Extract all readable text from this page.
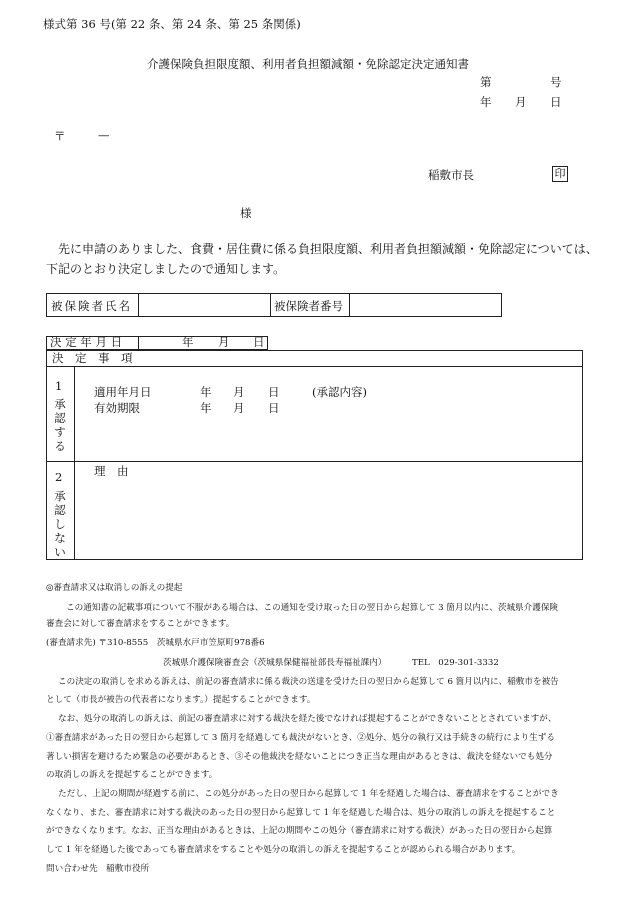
様式第 36 号(第 22 条、第 24 条、第 25 条関係)
介護保険負担限度額、利用者負担額減額・免除認定決定通知書
第	号
年 月 日
〒	—
稲敷市長	印
様
先に申請のありました、食費・居住費に係る負担限度額、利用者負担額減額・免除認定については、
下記のとおり決定しましたので通知します。
被保険者氏名	被保険者番号
決 定 年 月 日	年 月 日
決　定　事　項
1
承認する
適用年月日	年 月 日	(承認内容)
有効期限	年 月 日
2
承認しない
理　由
◎審査請求又は取消しの訴えの提起
この通知書の記載事項について不服がある場合は、この通知を受け取った日の翌日から起算して 3 箇月以内に、茨城県介護保険
審査会に対して審査請求をすることができます。
(審査請求先) 〒310-8555　茨城県水戸市笠原町978番6
茨城県介護保険審査会（茨城県保健福祉部長寿福祉課内）	TEL　029-301-3332
この決定の取消しを求める訴えは、前記の審査請求に係る裁決の送達を受けた日の翌日から起算して 6 箇月以内に、稲敷市を被告
として（市長が被告の代表者になります。）提起することができます。
なお、処分の取消しの訴えは、前記の審査請求に対する裁決を経た後でなければ提起することができないこととされていますが、
①審査請求があった日の翌日から起算して 3 箇月を経過しても裁決がないとき、②処分、処分の執行又は手続きの続行により生ずる
著しい損害を避けるため緊急の必要があるとき、③その他裁決を経ないことにつき正当な理由があるときは、裁決を経ないでも処分
の取消しの訴えを提起することができます。
ただし、上記の期間が経過する前に、この処分があった日の翌日から起算して 1 年を経過した場合は、審査請求をすることができ
なくなり、また、審査請求に対する裁決のあった日の翌日から起算して 1 年を経過した場合は、処分の取消しの訴えを提起すること
ができなくなります。なお、正当な理由があるときは、上記の期間やこの処分（審査請求に対する裁決）があった日の翌日から起算
して 1 年を経過した後であっても審査請求をすることや処分の取消しの訴えを提起することが認められる場合があります。
問い合わせ先　稲敷市役所
